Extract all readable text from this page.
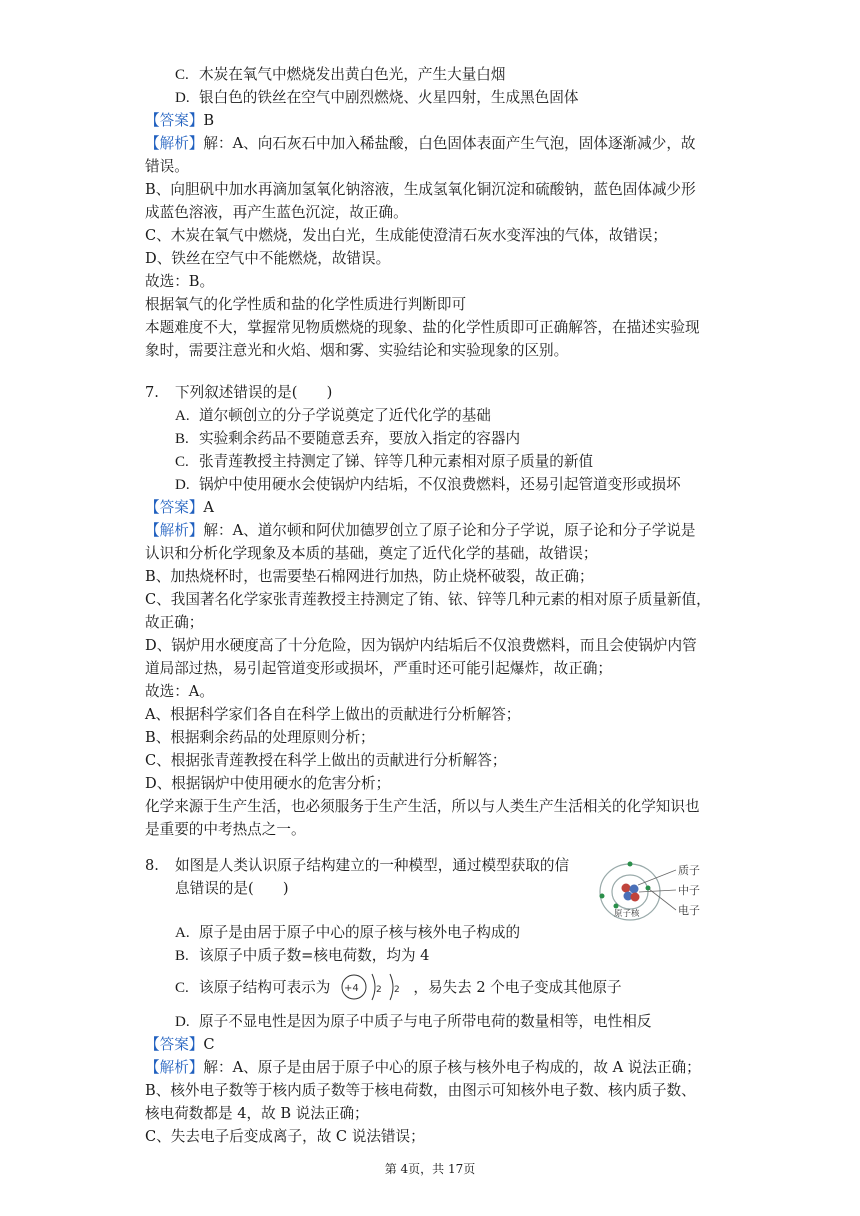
C. 木炭在氧气中燃烧发出黄白色光，产生大量白烟
D. 银白色的铁丝在空气中剧烈燃烧、火星四射，生成黑色固体
【答案】B
【解析】解：A、向石灰石中加入稀盐酸，白色固体表面产生气泡，固体逐渐减少，故
错误。
B、向胆矾中加水再滴加氢氧化钠溶液，生成氢氧化铜沉淀和硫酸钠，蓝色固体减少形
成蓝色溶液，再产生蓝色沉淀，故正确。
C、木炭在氧气中燃烧，发出白光，生成能使澄清石灰水变浑浊的气体，故错误；
D、铁丝在空气中不能燃烧，故错误。
故选：B。
根据氧气的化学性质和盐的化学性质进行判断即可
本题难度不大，掌握常见物质燃烧的现象、盐的化学性质即可正确解答，在描述实验现
象时，需要注意光和火焰、烟和雾、实验结论和实验现象的区别。
7. 下列叙述错误的是(　　)
A. 道尔顿创立的分子学说奠定了近代化学的基础
B. 实验剩余药品不要随意丢弃，要放入指定的容器内
C. 张青莲教授主持测定了锑、锌等几种元素相对原子质量的新值
D. 锅炉中使用硬水会使锅炉内结垢，不仅浪费燃料，还易引起管道变形或损坏
【答案】A
【解析】解：A、道尔顿和阿伏加德罗创立了原子论和分子学说，原子论和分子学说是
认识和分析化学现象及本质的基础，奠定了近代化学的基础，故错误；
B、加热烧杯时，也需要垫石棉网进行加热，防止烧杯破裂，故正确；
C、我国著名化学家张青莲教授主持测定了铕、铱、锌等几种元素的相对原子质量新值，
故正确；
D、锅炉用水硬度高了十分危险，因为锅炉内结垢后不仅浪费燃料，而且会使锅炉内管
道局部过热，易引起管道变形或损坏，严重时还可能引起爆炸，故正确；
故选：A。
A、根据科学家们各自在科学上做出的贡献进行分析解答；
B、根据剩余药品的处理原则分析；
C、根据张青莲教授在科学上做出的贡献进行分析解答；
D、根据锅炉中使用硬水的危害分析；
化学来源于生产生活，也必须服务于生产生活，所以与人类生产生活相关的化学知识也
是重要的中考热点之一。
8. 如图是人类认识原子结构建立的一种模型，通过模型获取的信
息错误的是(　　)
质子
中子
电子
原子核
A. 原子是由居于原子中心的原子核与核外电子构成的
B. 该原子中质子数=核电荷数，均为 4
C. 该原子结构可表示为	，易失去 2 个电子变成其他原子
+4 2 2
D. 原子不显电性是因为原子中质子与电子所带电荷的数量相等，电性相反
【答案】C
【解析】解：A、原子是由居于原子中心的原子核与核外电子构成的，故 A 说法正确；
B、核外电子数等于核内质子数等于核电荷数，由图示可知核外电子数、核内质子数、
核电荷数都是 4，故 B 说法正确；
C、失去电子后变成离子，故 C 说法错误；
第 4页，共 17页
